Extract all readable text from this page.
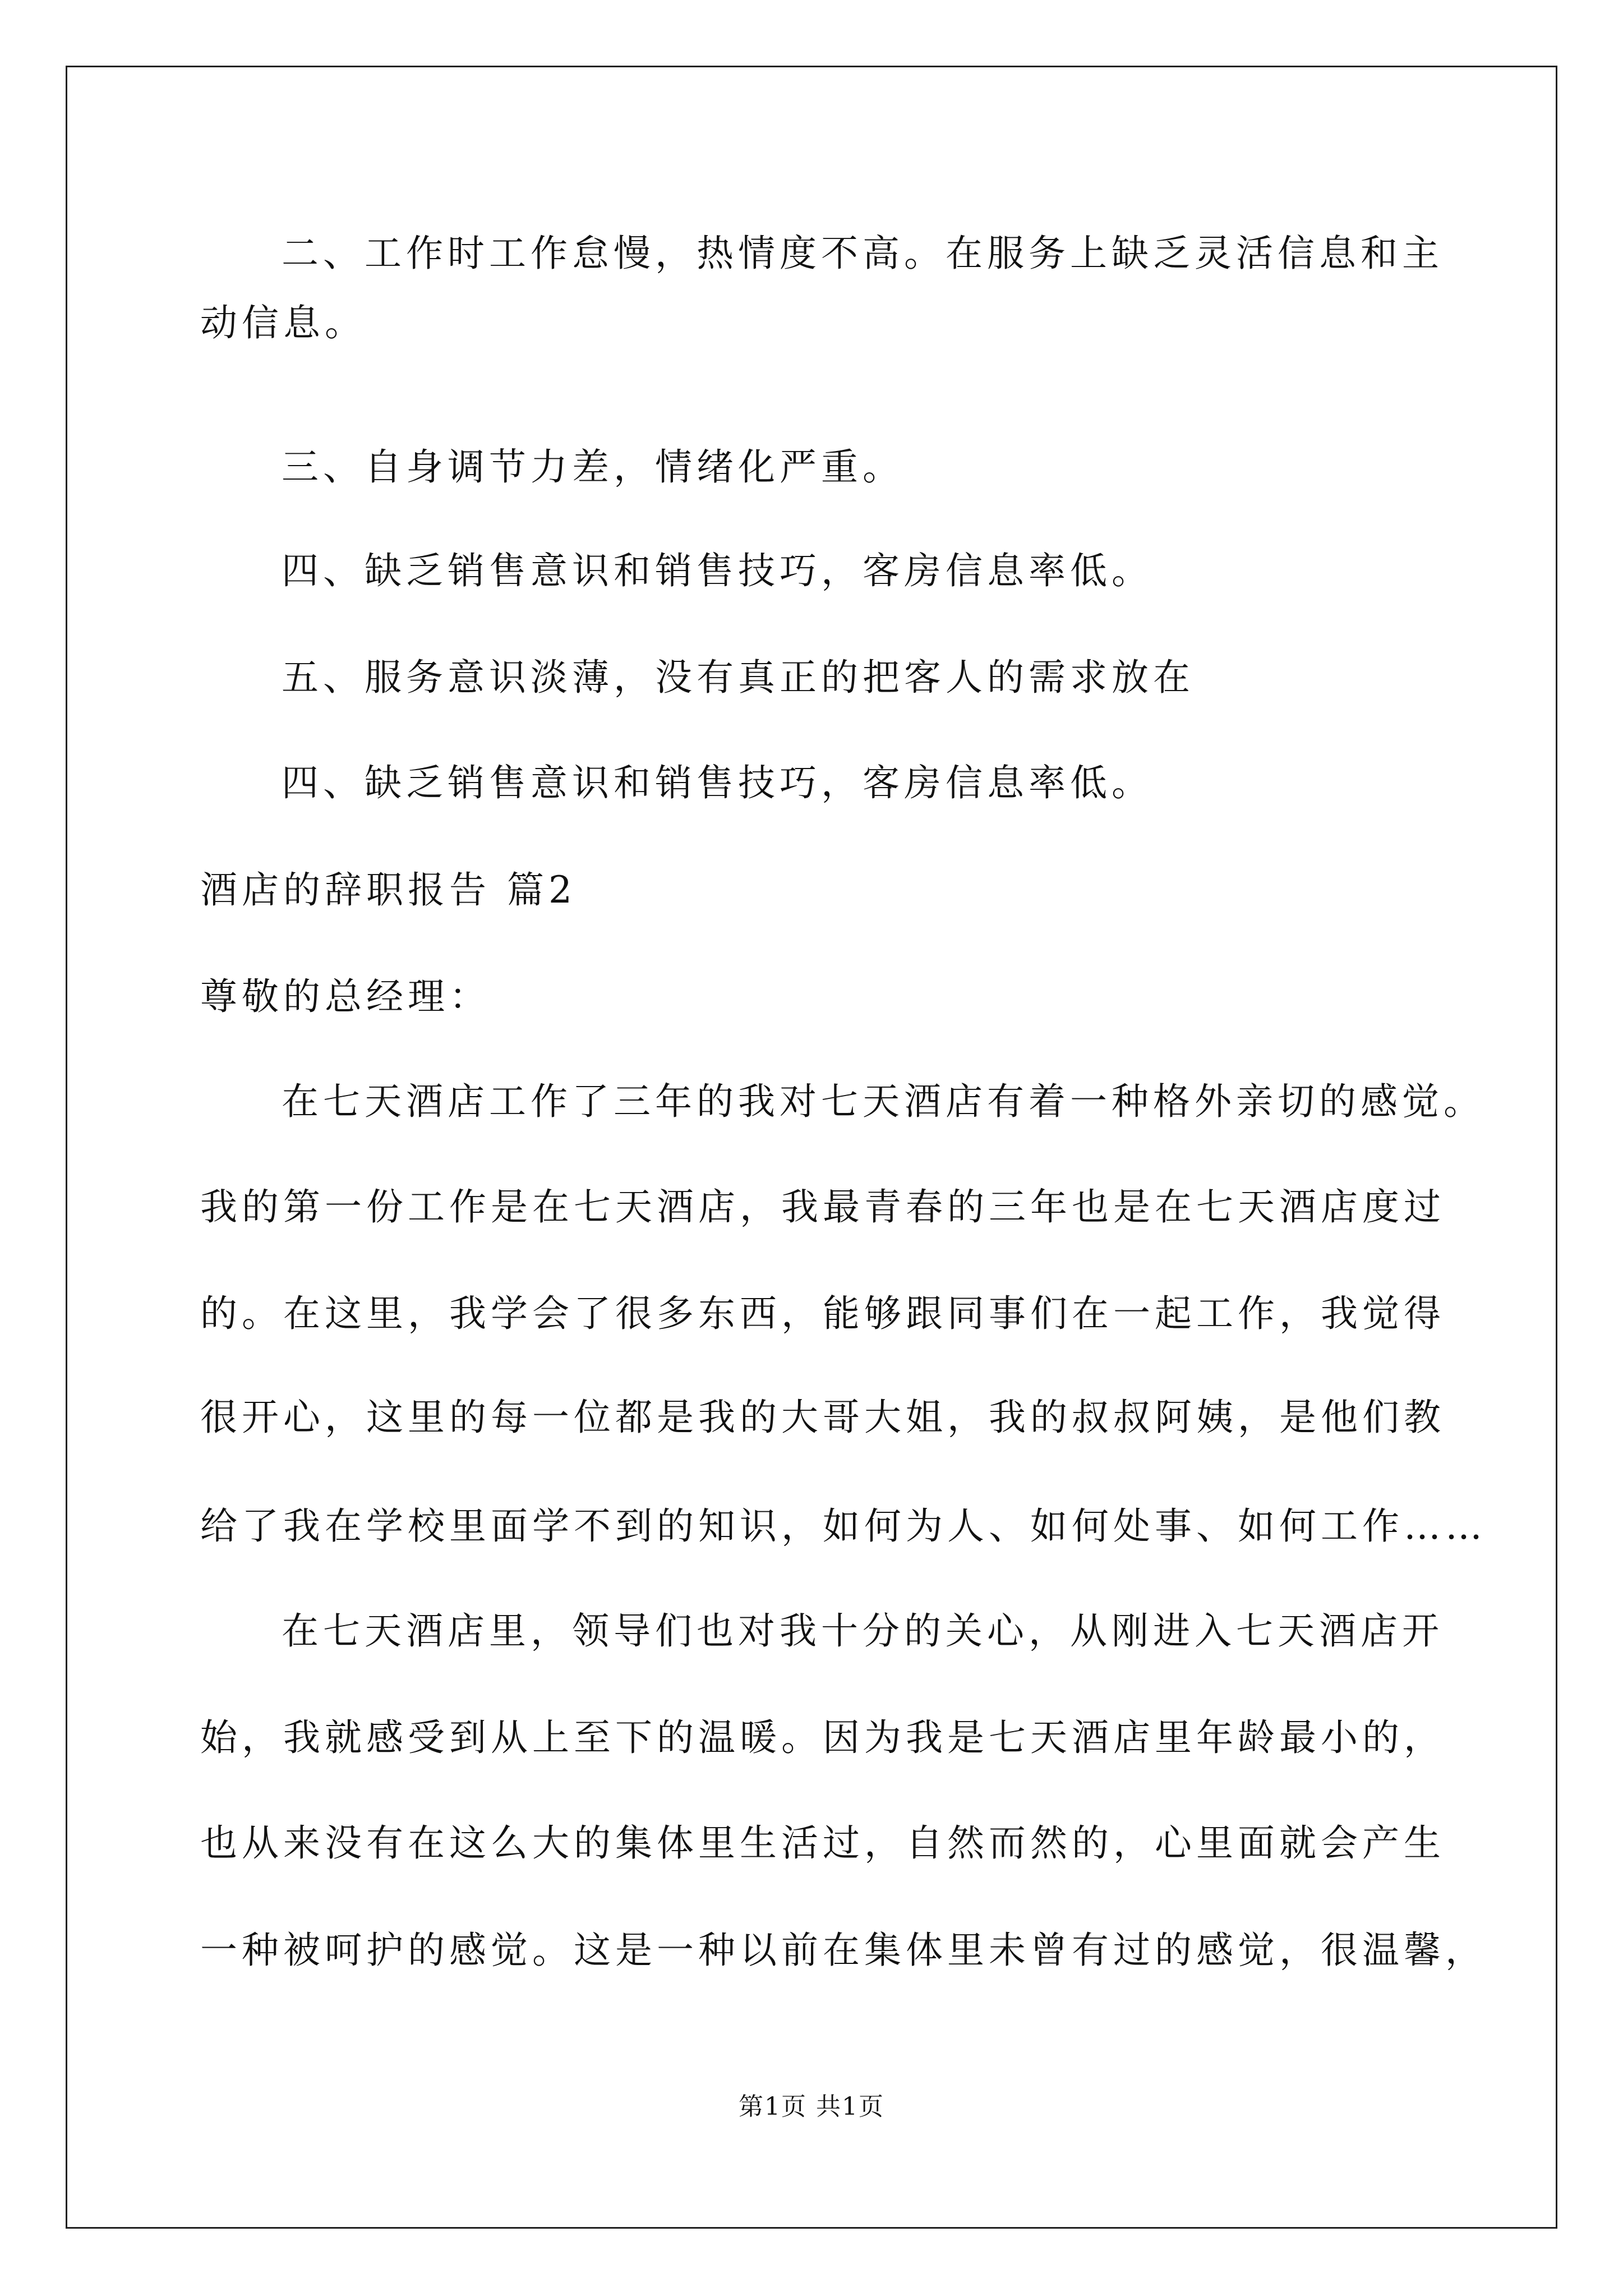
二、工作时工作怠慢，热情度不高。在服务上缺乏灵活信息和主
动信息。
三、自身调节力差，情绪化严重。
四、缺乏销售意识和销售技巧，客房信息率低。
五、服务意识淡薄，没有真正的把客人的需求放在
四、缺乏销售意识和销售技巧，客房信息率低。
酒店的辞职报告 篇2
尊敬的总经理：
在七天酒店工作了三年的我对七天酒店有着一种格外亲切的感觉。
我的第一份工作是在七天酒店，我最青春的三年也是在七天酒店度过
的。在这里，我学会了很多东西，能够跟同事们在一起工作，我觉得
很开心，这里的每一位都是我的大哥大姐，我的叔叔阿姨，是他们教
给了我在学校里面学不到的知识，如何为人、如何处事、如何工作……
在七天酒店里，领导们也对我十分的关心，从刚进入七天酒店开
始，我就感受到从上至下的温暖。因为我是七天酒店里年龄最小的，
也从来没有在这么大的集体里生活过，自然而然的，心里面就会产生
一种被呵护的感觉。这是一种以前在集体里未曾有过的感觉，很温馨，
第1页 共1页
